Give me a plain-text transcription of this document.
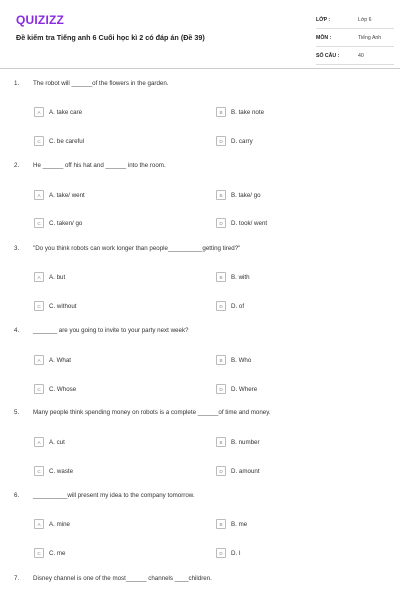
QUIZIZZ
Đề kiểm tra Tiếng anh 6 Cuối học kì 2 có đáp án (Đề 39)
LỚP :	Lớp 6
MÔN :	Tiếng Anh
SỐ CÂU :	40
1. The robot will ______of the flowers in the garden.
A	A. take care	B	B. take note
C	C. be careful	D	D. carry
2. He ______ off his hat and ______ into the room.
A	A. take/ went	B	B. take/ go
C	C. taken/ go	D	D. took/ went
3. "Do you think robots can work longer than people__________getting tired?"
A	A. but	B	B. with
C	C. without	D	D. of
4. _______ are you going to invite to your party next week?
A	A. What	B	B. Who
C	C. Whose	D	D. Where
5. Many people think spending money on robots is a complete ______of time and money.
A	A. cut	B	B. number
C	C. waste	D	D. amount
6. __________will present my idea to the company tomorrow.
A	A. mine	B	B. me
C	C. me	D	D. I
7. Disney channel is one of the most______ channels ____children.
